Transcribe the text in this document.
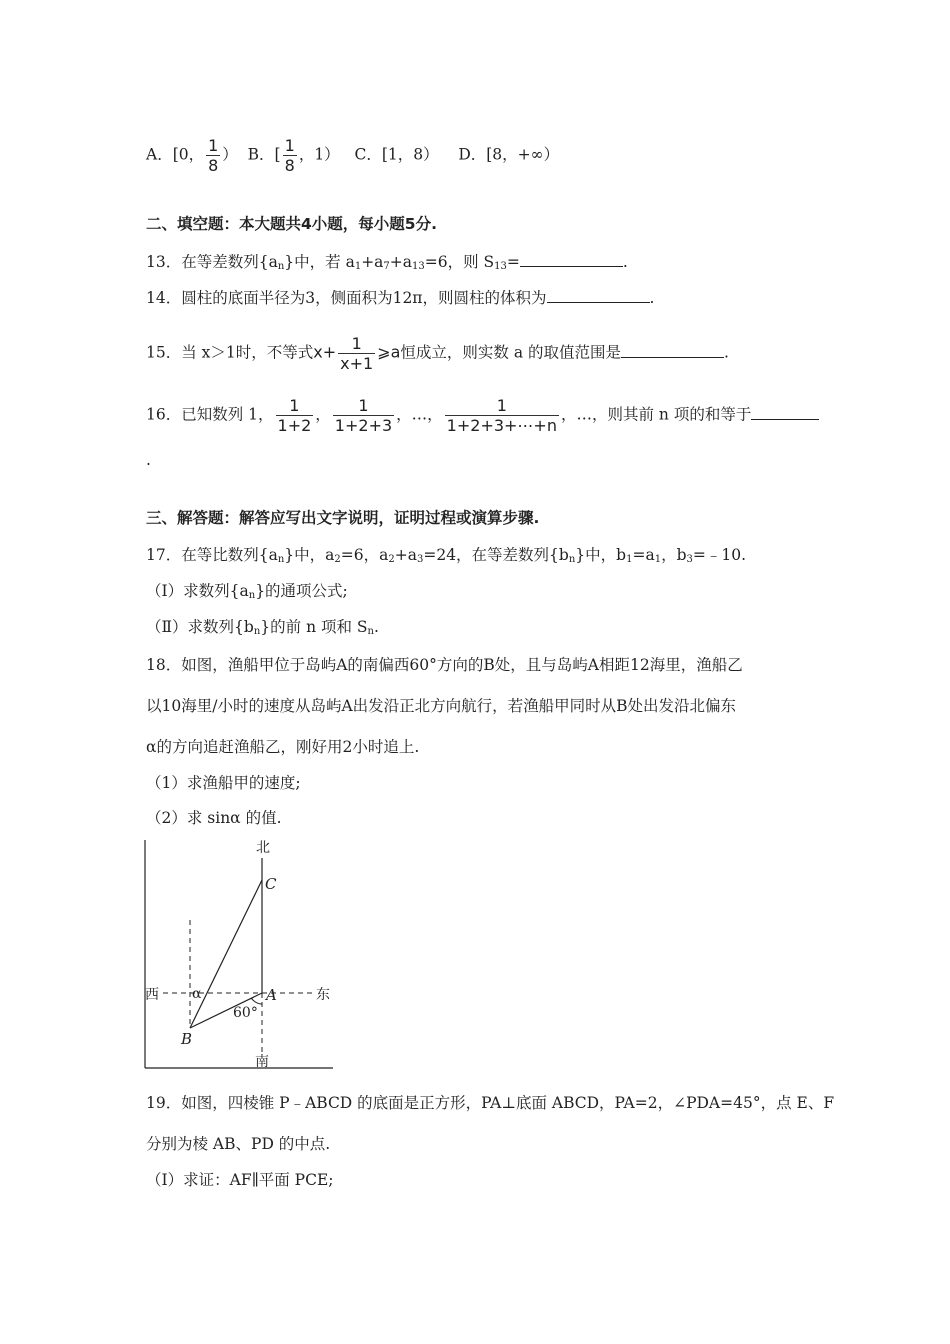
A．[0， $\frac{1}{8}$ ） B．[ $\frac{1}{8}$ ，1） C．[1，8） D．[8，+∞）
二、填空题：本大题共4小题，每小题5分.
13．在等差数列$\{a_n\}$中，若 $a_1+a_7+a_{13}=6$，则 $S_{13}=$	.
14．圆柱的底面半径为3，侧面积为12π，则圆柱的体积为	.
15．当 x＞1时，不等式$x+ \frac{1}{x+1}$ ⩾a恒成立，则实数 a 的取值范围是	.
16．已知数列 1， $\frac{1}{1+2}$ ， $\frac{1}{1+2+3}$ ，…， $\frac{1}{1+2+3+\cdots+n}$ ，…，则其前 n 项的和等于
.
三、解答题：解答应写出文字说明，证明过程或演算步骤.
17．在等比数列$\{a_n\}$中，$a_2=6$，$a_2+a_3=24$，在等差数列$\{b_n\}$中，$b_1=a_1$，$b_3=﹣10$.
（Ⅰ）求数列$\{a_n\}$的通项公式;
（Ⅱ）求数列$\{b_n\}$的前 n 项和 $S_n$.
18．如图，渔船甲位于岛屿A的南偏西60°方向的B处，且与岛屿A相距12海里，渔船乙
以10海里/小时的速度从岛屿A出发沿正北方向航行，若渔船甲同时从B处出发沿北偏东
α的方向追赶渔船乙，刚好用2小时追上.
（1）求渔船甲的速度;
（2）求 sinα 的值.
北
C
西	东
α	A
60°
B
南
19．如图，四棱锥 P﹣ABCD 的底面是正方形，PA⊥底面 ABCD，PA=2，∠PDA=45°，点 E、F
分别为棱 AB、PD 的中点.
（Ⅰ）求证：AF∥平面 PCE;
